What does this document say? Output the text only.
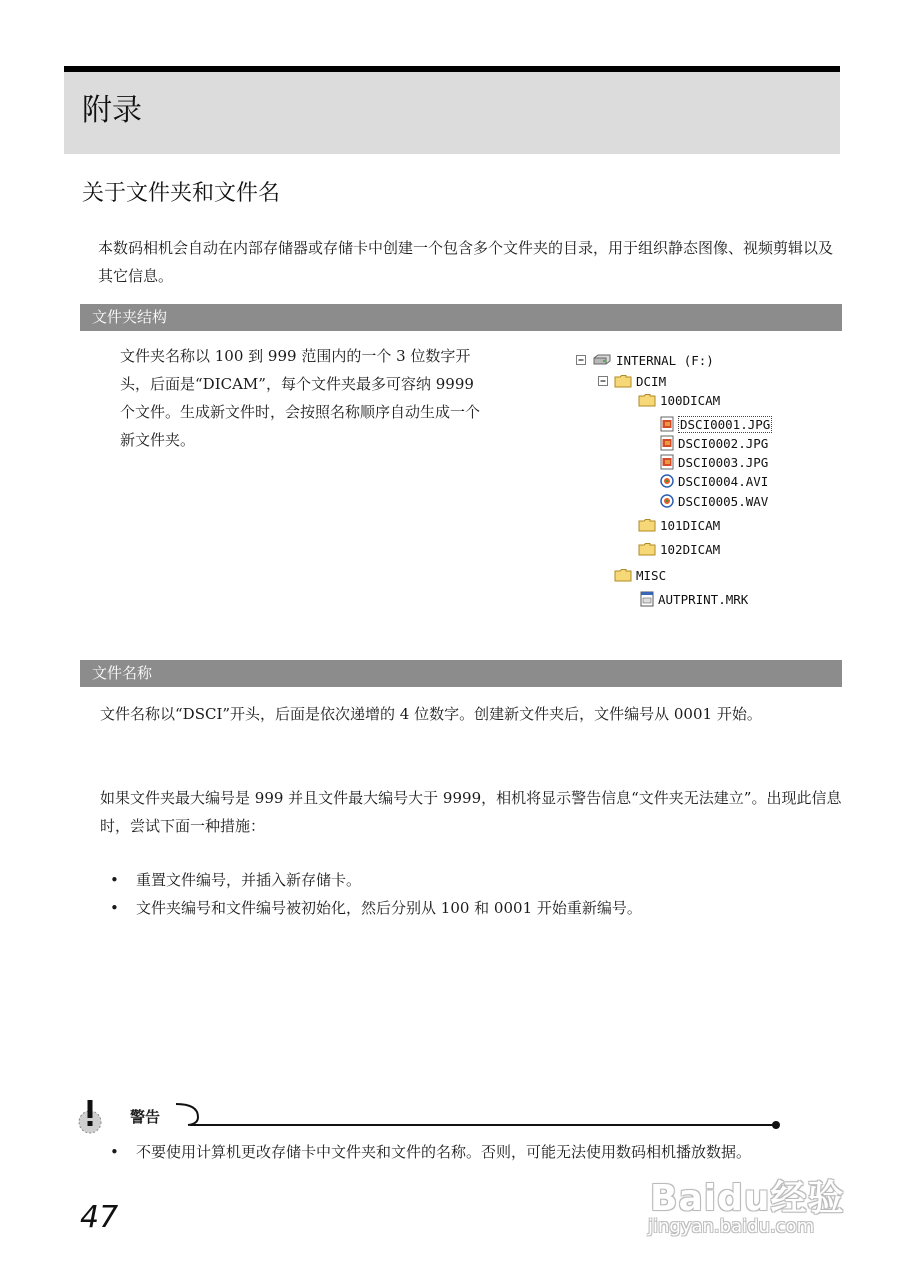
附录
关于文件夹和文件名

本数码相机会自动在内部存储器或存储卡中创建一个包含多个文件夹的目录，用于组织静态图像、视频剪辑以及其它信息。

文件夹结构

文件夹名称以 100 到 999 范围内的一个 3 位数字开头，后面是“DICAM”，每个文件夹最多可容纳 9999 个文件。生成新文件时，会按照名称顺序自动生成一个新文件夹。

INTERNAL (F:)
DCIM
100DICAM
DSCI0001.JPG
DSCI0002.JPG
DSCI0003.JPG
DSCI0004.AVI
DSCI0005.WAV
101DICAM
102DICAM
MISC
AUTPRINT.MRK
文件名称

文件名称以“DSCI”开头，后面是依次递增的 4 位数字。创建新文件夹后，文件编号从 0001 开始。

如果文件夹最大编号是 999 并且文件最大编号大于 9999，相机将显示警告信息“文件夹无法建立”。出现此信息时，尝试下面一种措施：

• 重置文件编号，并插入新存储卡。
• 文件夹编号和文件编号被初始化，然后分别从 100 和 0001 开始重新编号。
警告
• 不要使用计算机更改存储卡中文件夹和文件的名称。否则，可能无法使用数码相机播放数据。
47	Baidu经验
jingyan.baidu.com
